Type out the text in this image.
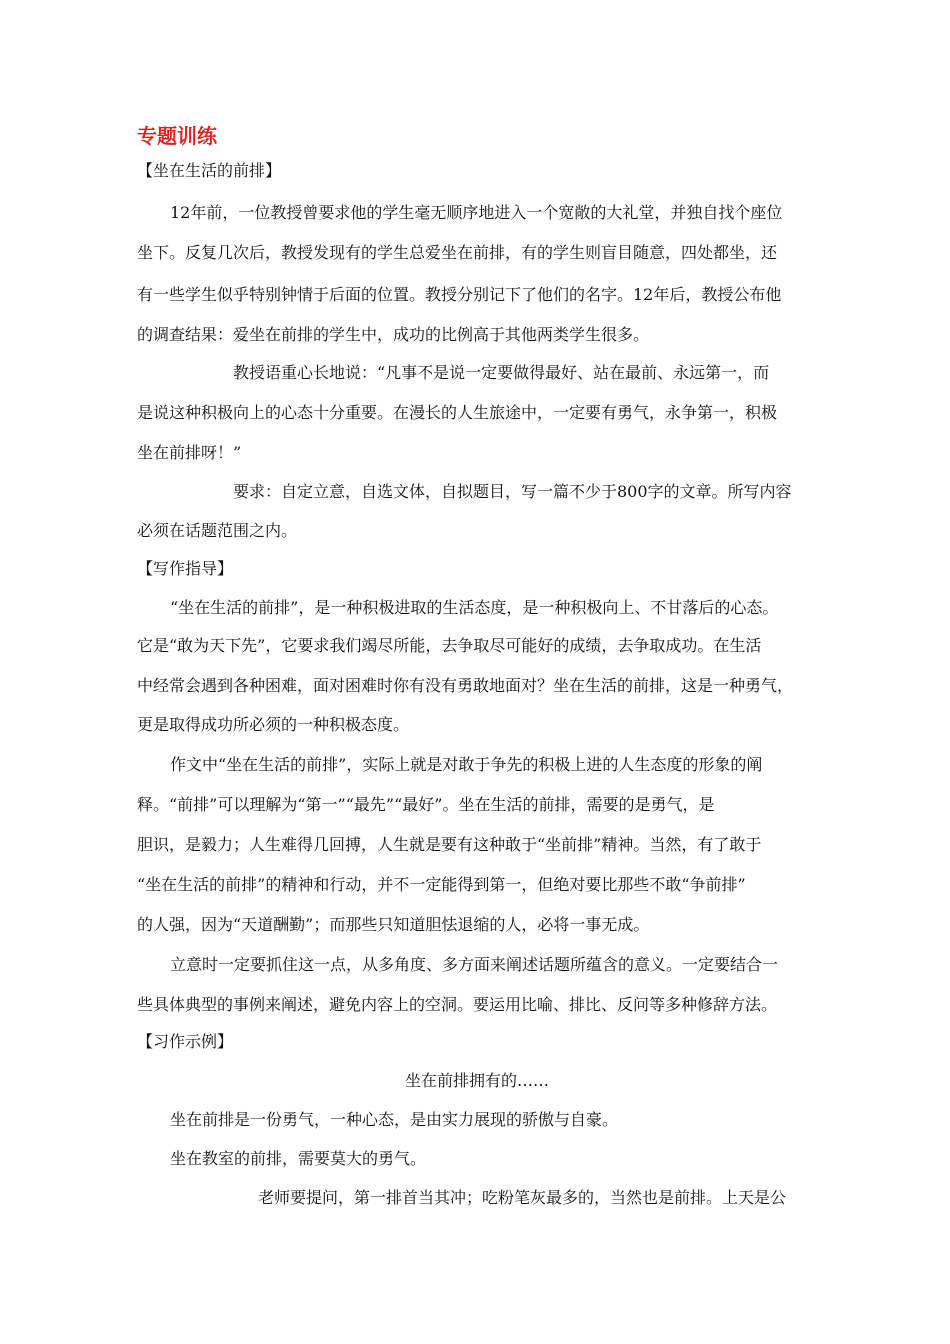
专题训练

【坐在生活的前排】

12年前，一位教授曾要求他的学生毫无顺序地进入一个宽敞的大礼堂，并独自找个座位

坐下。反复几次后，教授发现有的学生总爱坐在前排，有的学生则盲目随意，四处都坐，还

有一些学生似乎特别钟情于后面的位置。教授分别记下了他们的名字。12年后，教授公布他

的调查结果：爱坐在前排的学生中，成功的比例高于其他两类学生很多。

教授语重心长地说：“凡事不是说一定要做得最好、站在最前、永远第一，而

是说这种积极向上的心态十分重要。在漫长的人生旅途中，一定要有勇气，永争第一，积极

坐在前排呀！”

要求：自定立意，自选文体，自拟题目，写一篇不少于800字的文章。所写内容

必须在话题范围之内。

【写作指导】

“坐在生活的前排”，是一种积极进取的生活态度，是一种积极向上、不甘落后的心态。

它是“敢为天下先”，它要求我们竭尽所能，去争取尽可能好的成绩，去争取成功。在生活

中经常会遇到各种困难，面对困难时你有没有勇敢地面对？坐在生活的前排，这是一种勇气，

更是取得成功所必须的一种积极态度。

作文中“坐在生活的前排”，实际上就是对敢于争先的积极上进的人生态度的形象的阐

释。“前排”可以理解为“第一”“最先”“最好”。坐在生活的前排，需要的是勇气，是

胆识，是毅力；人生难得几回搏，人生就是要有这种敢于“坐前排”精神。当然，有了敢于

“坐在生活的前排”的精神和行动，并不一定能得到第一，但绝对要比那些不敢“争前排”

的人强，因为“天道酬勤”；而那些只知道胆怯退缩的人，必将一事无成。

立意时一定要抓住这一点，从多角度、多方面来阐述话题所蕴含的意义。一定要结合一

些具体典型的事例来阐述，避免内容上的空洞。要运用比喻、排比、反问等多种修辞方法。

【习作示例】

坐在前排拥有的……

坐在前排是一份勇气，一种心态，是由实力展现的骄傲与自豪。

坐在教室的前排，需要莫大的勇气。

老师要提问，第一排首当其冲；吃粉笔灰最多的，当然也是前排。上天是公
